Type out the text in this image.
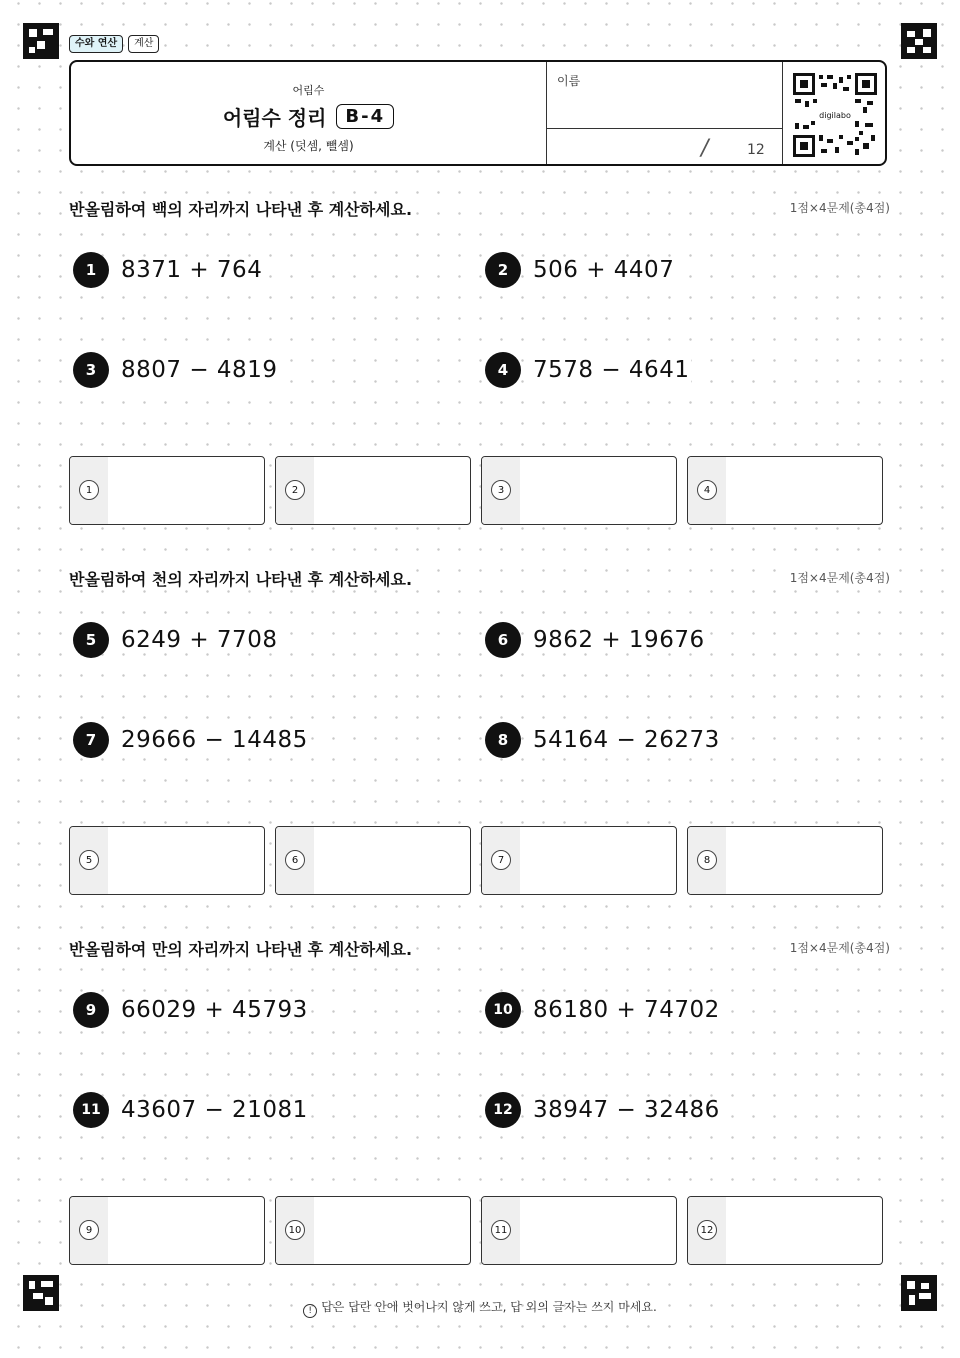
수와 연산	계산
어림수
어림수 정리	B-4
계산 (덧셈, 뺄셈)
이름
/	12
digilabo
반올림하여 백의 자리까지 나타낸 후 계산하세요.	1점×4문제(총4점)
1	8371 + 764	2	506 + 4407
3	8807 − 4819	4	7578 − 4641
1	2	3	4
반올림하여 천의 자리까지 나타낸 후 계산하세요.	1점×4문제(총4점)
5	6249 + 7708	6	9862 + 19676
7	29666 − 14485	8	54164 − 26273
5	6	7	8
반올림하여 만의 자리까지 나타낸 후 계산하세요.	1점×4문제(총4점)
9	66029 + 45793	10 86180 + 74702
11 43607 − 21081	12 38947 − 32486
9	10	11	12
! 답은 답란 안에 벗어나지 않게 쓰고, 답 외의 글자는 쓰지 마세요.
